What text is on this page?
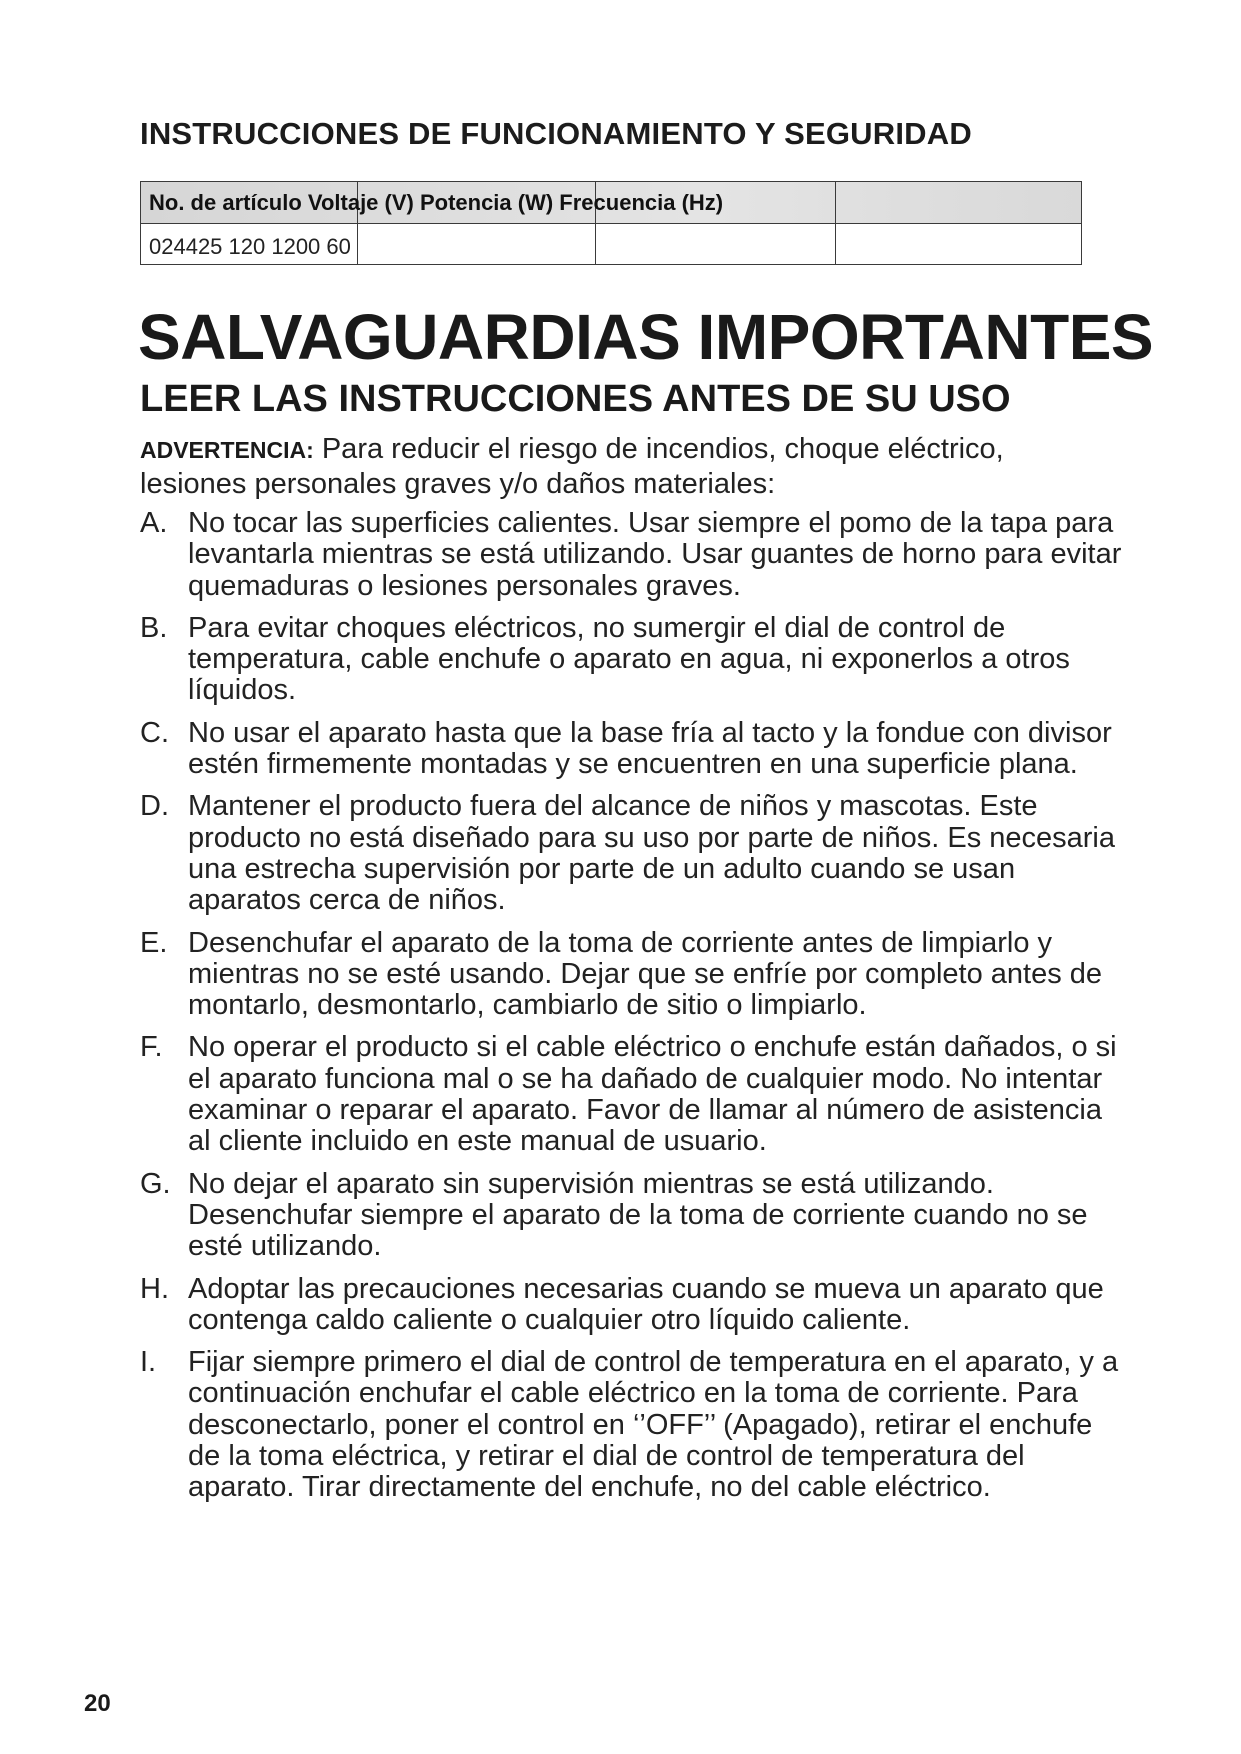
INSTRUCCIONES DE FUNCIONAMIENTO Y SEGURIDAD
No. de artículo Voltaje (V) Potencia (W) Frecuencia (Hz)
024425 120 1200 60
SALVAGUARDIAS IMPORTANTES
LEER LAS INSTRUCCIONES ANTES DE SU USO
ADVERTENCIA: Para reducir el riesgo de incendios, choque eléctrico, lesiones personales graves y/o daños materiales:
A. No tocar las superficies calientes. Usar siempre el pomo de la tapa para levantarla mientras se está utilizando. Usar guantes de horno para evitar quemaduras o lesiones personales graves.
B. Para evitar choques eléctricos, no sumergir el dial de control de temperatura, cable enchufe o aparato en agua, ni exponerlos a otros líquidos.
C. No usar el aparato hasta que la base fría al tacto y la fondue con divisor estén firmemente montadas y se encuentren en una superficie plana.
D. Mantener el producto fuera del alcance de niños y mascotas. Este producto no está diseñado para su uso por parte de niños. Es necesaria una estrecha supervisión por parte de un adulto cuando se usan aparatos cerca de niños.
E. Desenchufar el aparato de la toma de corriente antes de limpiarlo y mientras no se esté usando. Dejar que se enfríe por completo antes de montarlo, desmontarlo, cambiarlo de sitio o limpiarlo.
F. No operar el producto si el cable eléctrico o enchufe están dañados, o si el aparato funciona mal o se ha dañado de cualquier modo. No intentar examinar o reparar el aparato. Favor de llamar al número de asistencia al cliente incluido en este manual de usuario.
G. No dejar el aparato sin supervisión mientras se está utilizando. Desenchufar siempre el aparato de la toma de corriente cuando no se esté utilizando.
H. Adoptar las precauciones necesarias cuando se mueva un aparato que contenga caldo caliente o cualquier otro líquido caliente.
I. Fijar siempre primero el dial de control de temperatura en el aparato, y a continuación enchufar el cable eléctrico en la toma de corriente. Para desconectarlo, poner el control en ‘’OFF’’ (Apagado), retirar el enchufe de la toma eléctrica, y retirar el dial de control de temperatura del aparato. Tirar directamente del enchufe, no del cable eléctrico.
20
